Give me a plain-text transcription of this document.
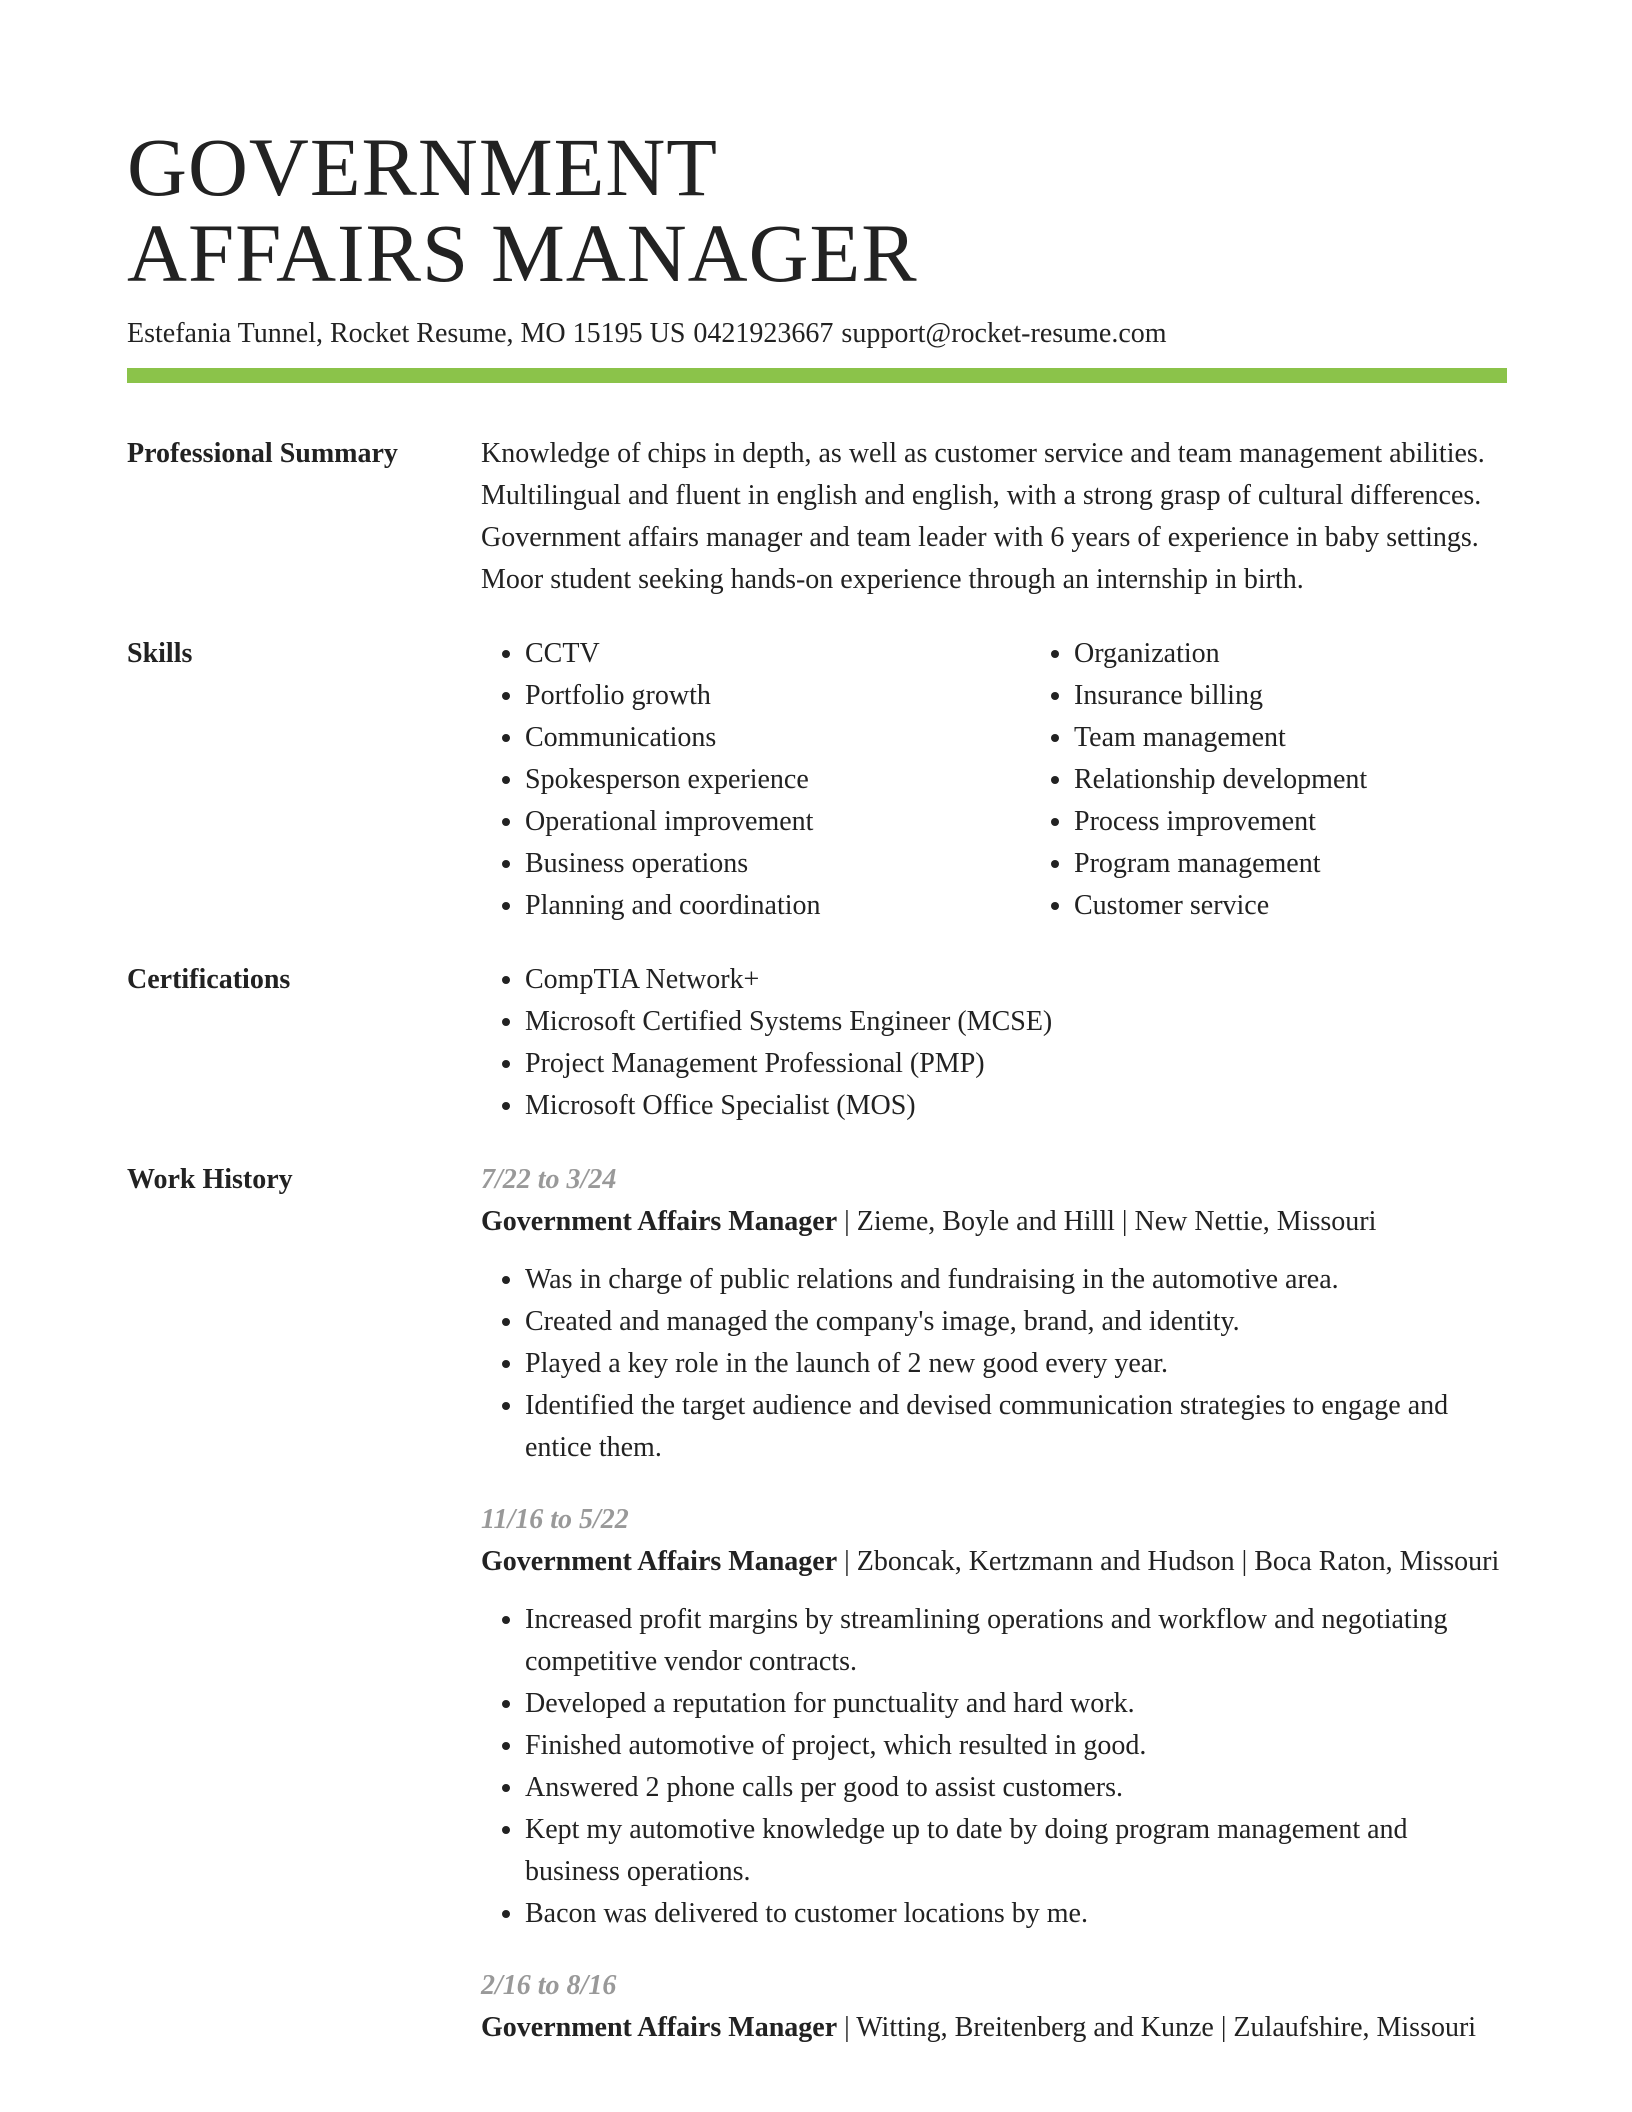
GOVERNMENT
AFFAIRS MANAGER
Estefania Tunnel, Rocket Resume, MO 15195 US 0421923667 support@rocket-resume.com
Professional Summary	Knowledge of chips in depth, as well as customer service and team management abilities. Multilingual and fluent in english and english, with a strong grasp of cultural differences. Government affairs manager and team leader with 6 years of experience in baby settings. Moor student seeking hands-on experience through an internship in birth.
Skills	• CCTV
• Portfolio growth
• Communications
• Spokesperson experience
• Operational improvement
• Business operations
• Planning and coordination
• Organization
• Insurance billing
• Team management
• Relationship development
• Process improvement
• Program management
• Customer service
Certifications	• CompTIA Network+
• Microsoft Certified Systems Engineer (MCSE)
• Project Management Professional (PMP)
• Microsoft Office Specialist (MOS)
Work History	7/22 to 3/24
Government Affairs Manager | Zieme, Boyle and Hilll | New Nettie, Missouri
• Was in charge of public relations and fundraising in the automotive area.
• Created and managed the company's image, brand, and identity.
• Played a key role in the launch of 2 new good every year.
• Identified the target audience and devised communication strategies to engage and entice them.
11/16 to 5/22
Government Affairs Manager | Zboncak, Kertzmann and Hudson | Boca Raton, Missouri
• Increased profit margins by streamlining operations and workflow and negotiating competitive vendor contracts.
• Developed a reputation for punctuality and hard work.
• Finished automotive of project, which resulted in good.
• Answered 2 phone calls per good to assist customers.
• Kept my automotive knowledge up to date by doing program management and business operations.
• Bacon was delivered to customer locations by me.
2/16 to 8/16
Government Affairs Manager | Witting, Breitenberg and Kunze | Zulaufshire, Missouri
